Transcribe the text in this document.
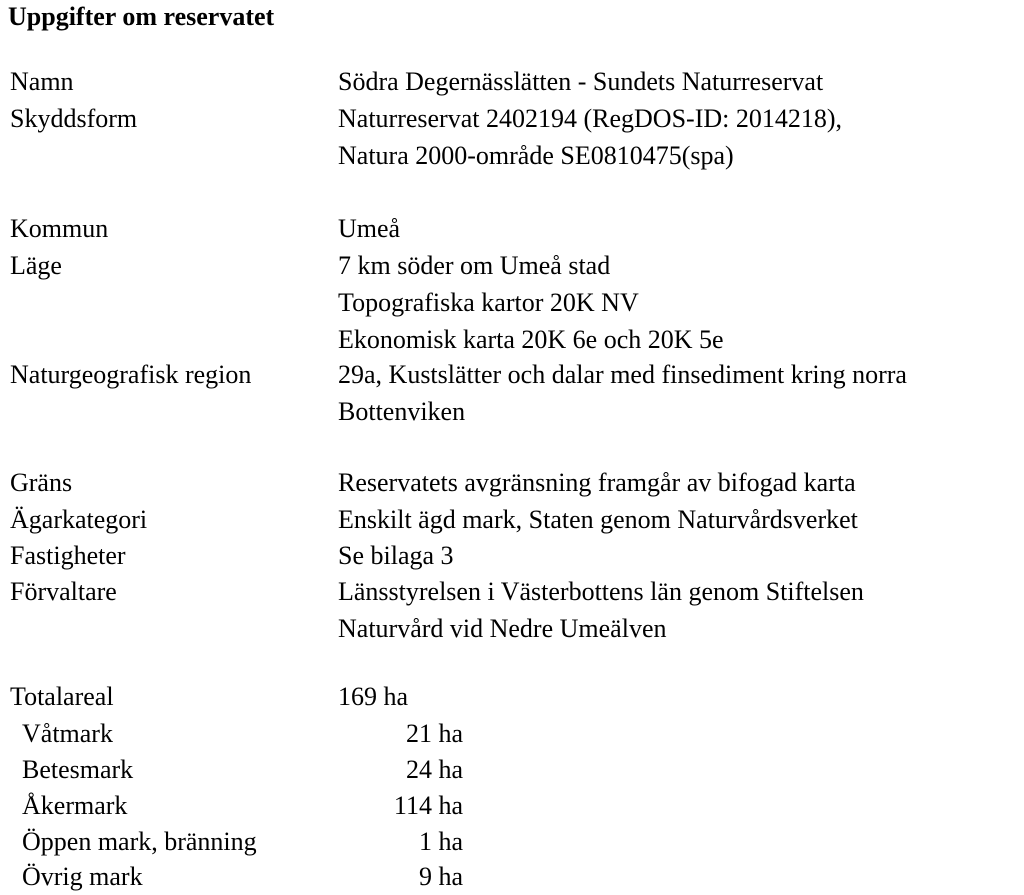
Uppgifter om reservatet
Namn	Södra Degernässlätten - Sundets Naturreservat
Skyddsform	Naturreservat 2402194 (RegDOS-ID: 2014218),
Natura 2000-område SE0810475(spa)
Kommun	Umeå
Läge	7 km söder om Umeå stad
Topografiska kartor 20K NV
Ekonomisk karta 20K 6e och 20K 5e
Naturgeografisk region	29a, Kustslätter och dalar med finsediment kring norra
Bottenviken
Gräns	Reservatets avgränsning framgår av bifogad karta
Ägarkategori	Enskilt ägd mark, Staten genom Naturvårdsverket
Fastigheter	Se bilaga 3
Förvaltare	Länsstyrelsen i Västerbottens län genom Stiftelsen
Naturvård vid Nedre Umeälven
Totalareal	169 ha
Våtmark	21 ha
Betesmark	24 ha
Åkermark	114 ha
Öppen mark, bränning	1 ha
Övrig mark	9 ha
